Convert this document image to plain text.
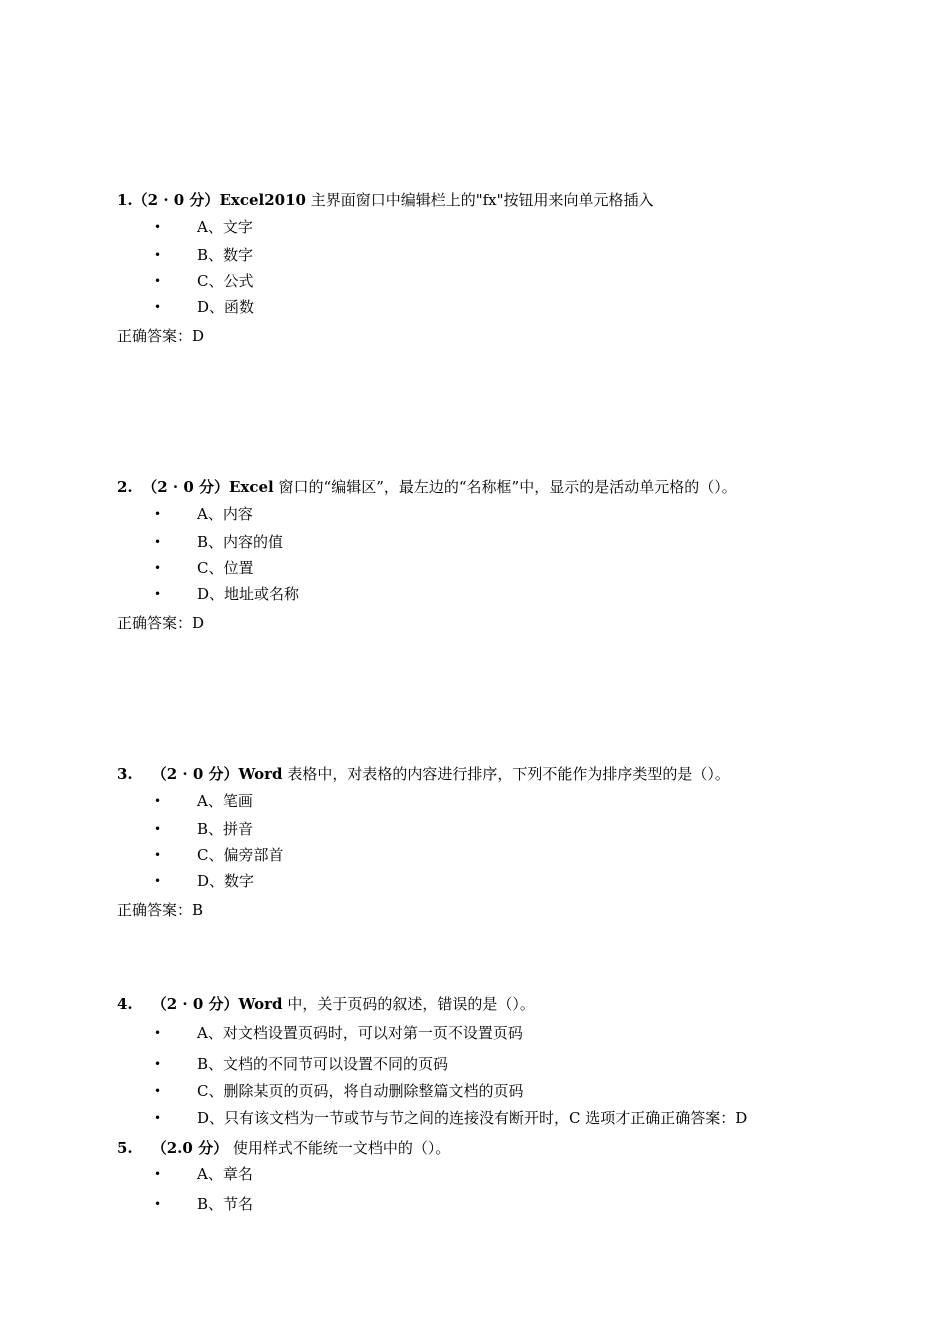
1.（2 · 0 分）Excel2010 主界面窗口中编辑栏上的"fx"按钮用来向单元格插入
• A、文字
• B、数字
• C、公式
• D、函数
正确答案：D
2. （2 · 0 分）Excel 窗口的“编辑区”，最左边的“名称框”中，显示的是活动单元格的（）。
• A、内容
• B、内容的值
• C、位置
• D、地址或名称
正确答案：D
3. （2 · 0 分）Word 表格中，对表格的内容进行排序，下列不能作为排序类型的是（）。
• A、笔画
• B、拼音
• C、偏旁部首
• D、数字
正确答案：B
4. （2 · 0 分）Word 中，关于页码的叙述，错误的是（）。
• A、对文档设置页码时，可以对第一页不设置页码
• B、文档的不同节可以设置不同的页码
• C、删除某页的页码，将自动删除整篇文档的页码
• D、只有该文档为一节或节与节之间的连接没有断开时，C 选项才正确正确答案：D
5. （2.0 分） 使用样式不能统一文档中的（）。
• A、章名
• B、节名
